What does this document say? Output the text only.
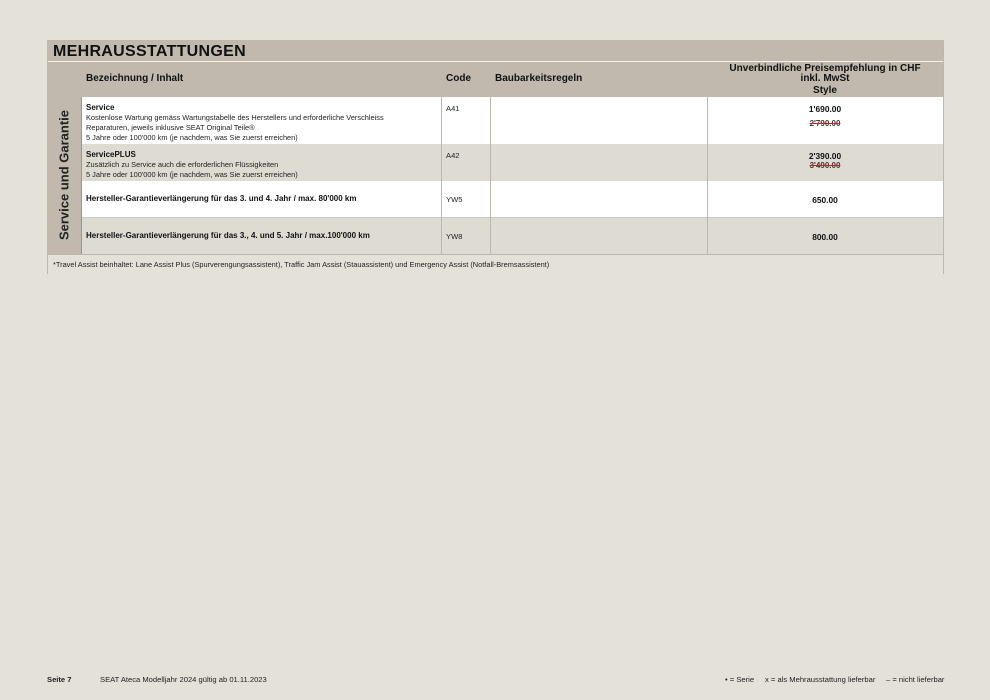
MEHRAUSSTATTUNGEN
Bezeichnung / Inhalt	Code Baubarkeitsregeln
Unverbindliche Preisempfehlung in CHF
inkl. MwSt
Style
Service und Garantie
Service
Kostenlose Wartung gemäss Wartungstabelle des Herstellers und erforderliche Verschleiss
Reparaturen, jeweils inklusive SEAT Original Teile®
5 Jahre oder 100'000 km (je nachdem, was Sie zuerst erreichen)
A41	1'690.00
2'790.00
ServicePLUS
Zusätzlich zu Service auch die erforderlichen Flüssigkeiten
5 Jahre oder 100'000 km (je nachdem, was Sie zuerst erreichen)
A42	2'390.00
3'490.00
Hersteller-Garantieverlängerung für das 3. und 4. Jahr / max. 80'000 km	YW5	650.00
Hersteller-Garantieverlängerung für das 3., 4. und 5. Jahr / max.100'000 km	YW8	800.00
*Travel Assist beinhaltet: Lane Assist Plus (Spurverengungsassistent), Traffic Jam Assist (Stauassistent) und Emergency Assist (Notfall-Bremsassistent)
Seite 7	SEAT Ateca Modelljahr 2024 gültig ab 01.11.2023	• = Serie x = als Mehrausstattung lieferbar – = nicht lieferbar
